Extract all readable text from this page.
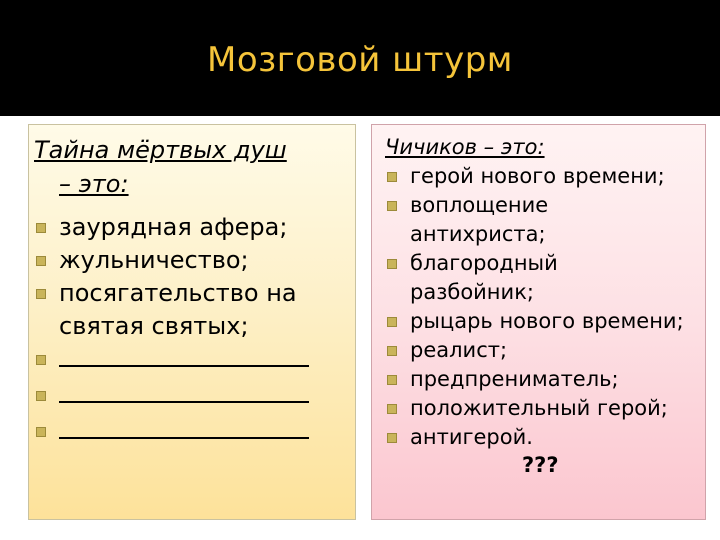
Мозговой штурм
Тайна мёртвых душ
– это:
заурядная афера;
жульничество;
посягательство на
святая святых;
Чичиков – это:
герой нового времени;
воплощение
антихриста;
благородный
разбойник;
рыцарь нового времени;
реалист;
предпрениматель;
положительный герой;
антигерой.
???
